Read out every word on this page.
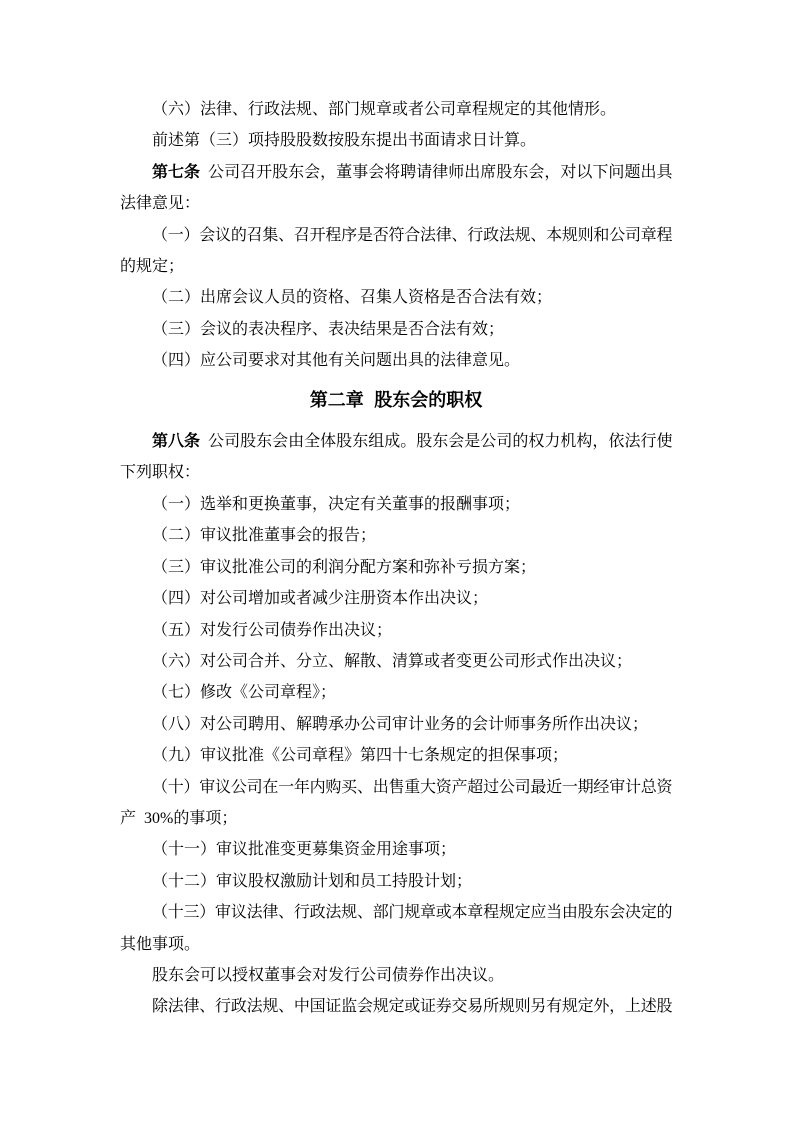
（六）法律、行政法规、部门规章或者公司章程规定的其他情形。

前述第（三）项持股股数按股东提出书面请求日计算。

第七条 公司召开股东会，董事会将聘请律师出席股东会，对以下问题出具

法律意见：

（一）会议的召集、召开程序是否符合法律、行政法规、本规则和公司章程

的规定；

（二）出席会议人员的资格、召集人资格是否合法有效；

（三）会议的表决程序、表决结果是否合法有效；

（四）应公司要求对其他有关问题出具的法律意见。

第二章 股东会的职权

第八条 公司股东会由全体股东组成。股东会是公司的权力机构，依法行使

下列职权：

（一）选举和更换董事，决定有关董事的报酬事项；

（二）审议批准董事会的报告；

（三）审议批准公司的利润分配方案和弥补亏损方案；

（四）对公司增加或者减少注册资本作出决议；

（五）对发行公司债券作出决议；

（六）对公司合并、分立、解散、清算或者变更公司形式作出决议；

（七）修改《公司章程》；

（八）对公司聘用、解聘承办公司审计业务的会计师事务所作出决议；

（九）审议批准《公司章程》第四十七条规定的担保事项；

（十）审议公司在一年内购买、出售重大资产超过公司最近一期经审计总资

产 30%的事项；

（十一）审议批准变更募集资金用途事项；

（十二）审议股权激励计划和员工持股计划；

（十三）审议法律、行政法规、部门规章或本章程规定应当由股东会决定的

其他事项。

股东会可以授权董事会对发行公司债券作出决议。

除法律、行政法规、中国证监会规定或证券交易所规则另有规定外，上述股
